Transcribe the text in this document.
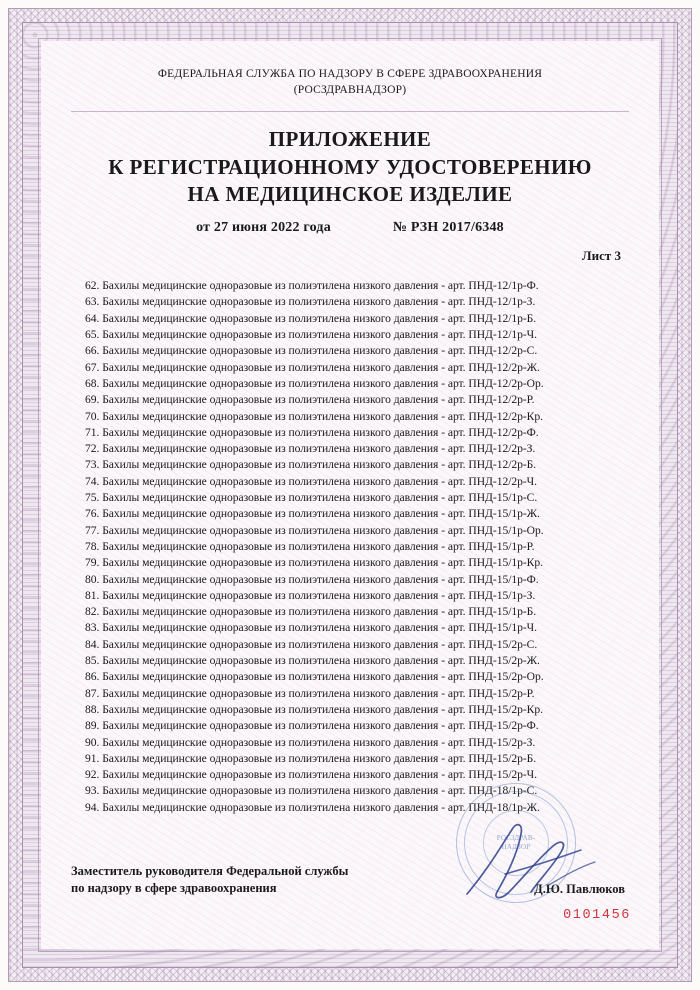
ФЕДЕРАЛЬНАЯ СЛУЖБА ПО НАДЗОРУ В СФЕРЕ ЗДРАВООХРАНЕНИЯ
(РОСЗДРАВНАДЗОР)
ПРИЛОЖЕНИЕ
К РЕГИСТРАЦИОННОМУ УДОСТОВЕРЕНИЮ
НА МЕДИЦИНСКОЕ ИЗДЕЛИЕ
от 27 июня 2022 года	№ РЗН 2017/6348
Лист 3
62. Бахилы медицинские одноразовые из полиэтилена низкого давления - арт. ПНД-12/1р-Ф.
63. Бахилы медицинские одноразовые из полиэтилена низкого давления - арт. ПНД-12/1р-З.
64. Бахилы медицинские одноразовые из полиэтилена низкого давления - арт. ПНД-12/1р-Б.
65. Бахилы медицинские одноразовые из полиэтилена низкого давления - арт. ПНД-12/1р-Ч.
66. Бахилы медицинские одноразовые из полиэтилена низкого давления - арт. ПНД-12/2р-С.
67. Бахилы медицинские одноразовые из полиэтилена низкого давления - арт. ПНД-12/2р-Ж.
68. Бахилы медицинские одноразовые из полиэтилена низкого давления - арт. ПНД-12/2р-Ор.
69. Бахилы медицинские одноразовые из полиэтилена низкого давления - арт. ПНД-12/2р-Р.
70. Бахилы медицинские одноразовые из полиэтилена низкого давления - арт. ПНД-12/2р-Кр.
71. Бахилы медицинские одноразовые из полиэтилена низкого давления - арт. ПНД-12/2р-Ф.
72. Бахилы медицинские одноразовые из полиэтилена низкого давления - арт. ПНД-12/2р-З.
73. Бахилы медицинские одноразовые из полиэтилена низкого давления - арт. ПНД-12/2р-Б.
74. Бахилы медицинские одноразовые из полиэтилена низкого давления - арт. ПНД-12/2р-Ч.
75. Бахилы медицинские одноразовые из полиэтилена низкого давления - арт. ПНД-15/1р-С.
76. Бахилы медицинские одноразовые из полиэтилена низкого давления - арт. ПНД-15/1р-Ж.
77. Бахилы медицинские одноразовые из полиэтилена низкого давления - арт. ПНД-15/1р-Ор.
78. Бахилы медицинские одноразовые из полиэтилена низкого давления - арт. ПНД-15/1р-Р.
79. Бахилы медицинские одноразовые из полиэтилена низкого давления - арт. ПНД-15/1р-Кр.
80. Бахилы медицинские одноразовые из полиэтилена низкого давления - арт. ПНД-15/1р-Ф.
81. Бахилы медицинские одноразовые из полиэтилена низкого давления - арт. ПНД-15/1р-З.
82. Бахилы медицинские одноразовые из полиэтилена низкого давления - арт. ПНД-15/1р-Б.
83. Бахилы медицинские одноразовые из полиэтилена низкого давления - арт. ПНД-15/1р-Ч.
84. Бахилы медицинские одноразовые из полиэтилена низкого давления - арт. ПНД-15/2р-С.
85. Бахилы медицинские одноразовые из полиэтилена низкого давления - арт. ПНД-15/2р-Ж.
86. Бахилы медицинские одноразовые из полиэтилена низкого давления - арт. ПНД-15/2р-Ор.
87. Бахилы медицинские одноразовые из полиэтилена низкого давления - арт. ПНД-15/2р-Р.
88. Бахилы медицинские одноразовые из полиэтилена низкого давления - арт. ПНД-15/2р-Кр.
89. Бахилы медицинские одноразовые из полиэтилена низкого давления - арт. ПНД-15/2р-Ф.
90. Бахилы медицинские одноразовые из полиэтилена низкого давления - арт. ПНД-15/2р-З.
91. Бахилы медицинские одноразовые из полиэтилена низкого давления - арт. ПНД-15/2р-Б.
92. Бахилы медицинские одноразовые из полиэтилена низкого давления - арт. ПНД-15/2р-Ч.
93. Бахилы медицинские одноразовые из полиэтилена низкого давления - арт. ПНД-18/1р-С.
94. Бахилы медицинские одноразовые из полиэтилена низкого давления - арт. ПНД-18/1р-Ж.
Заместитель руководителя Федеральной службы
по надзору в сфере здравоохранения	Д.Ю. Павлюков
0101456
РОСЗДРАВ-
НАДЗОР
